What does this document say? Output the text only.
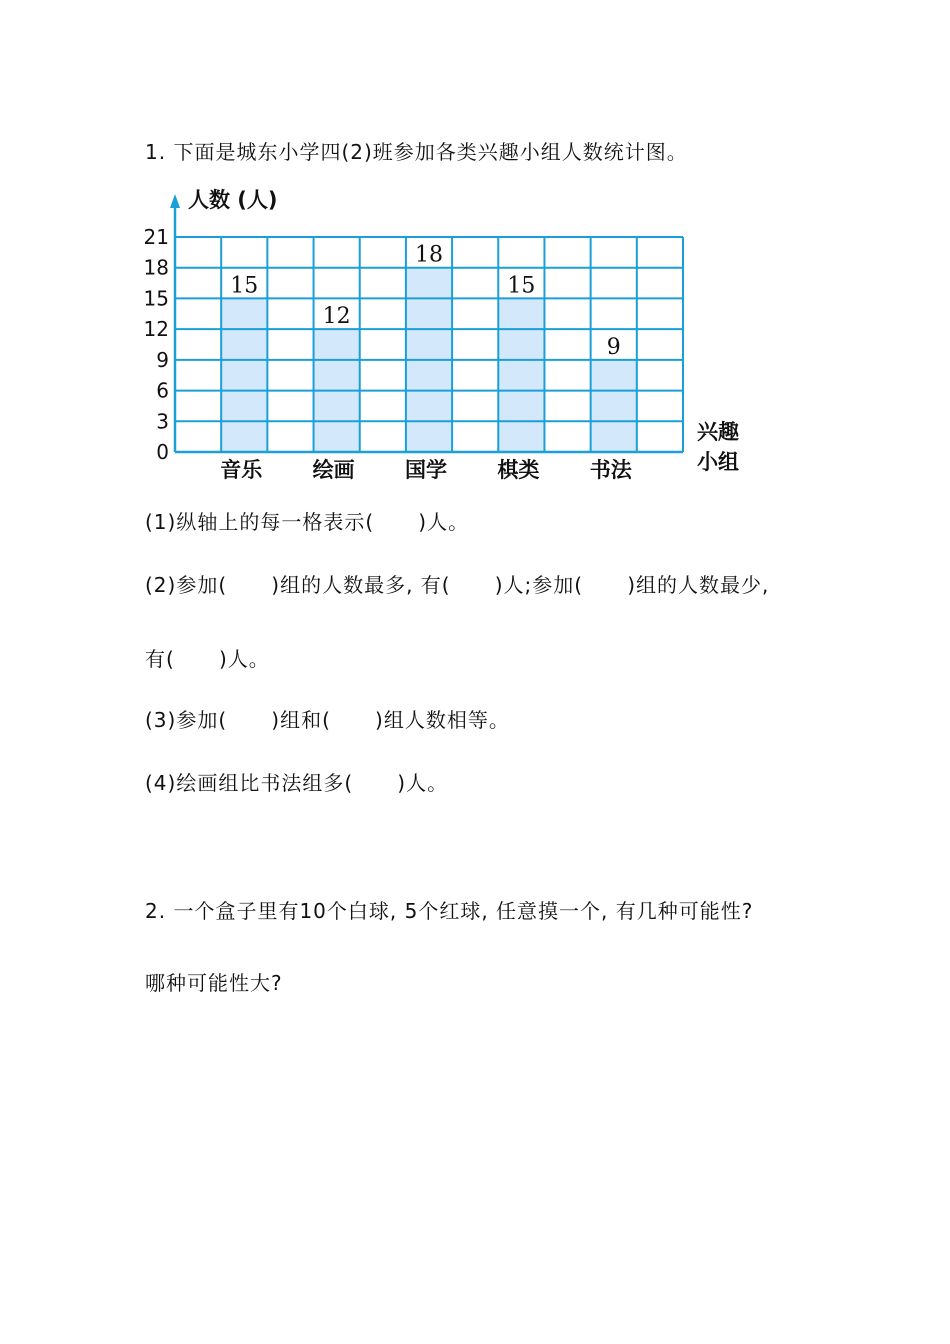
1. 下面是城东小学四(2)班参加各类兴趣小组人数统计图。
0
3
6
9
12
15
18
21
15
音乐
12
绘画
18
国学
15
棋类
9
书法
人数 (人)
兴趣
小组
(1)纵轴上的每一格表示(      )人。
(2)参加(      )组的人数最多, 有(      )人;参加(      )组的人数最少,
有(      )人。
(3)参加(      )组和(      )组人数相等。
(4)绘画组比书法组多(      )人。
2. 一个盒子里有10个白球, 5个红球, 任意摸一个, 有几种可能性?
哪种可能性大?
